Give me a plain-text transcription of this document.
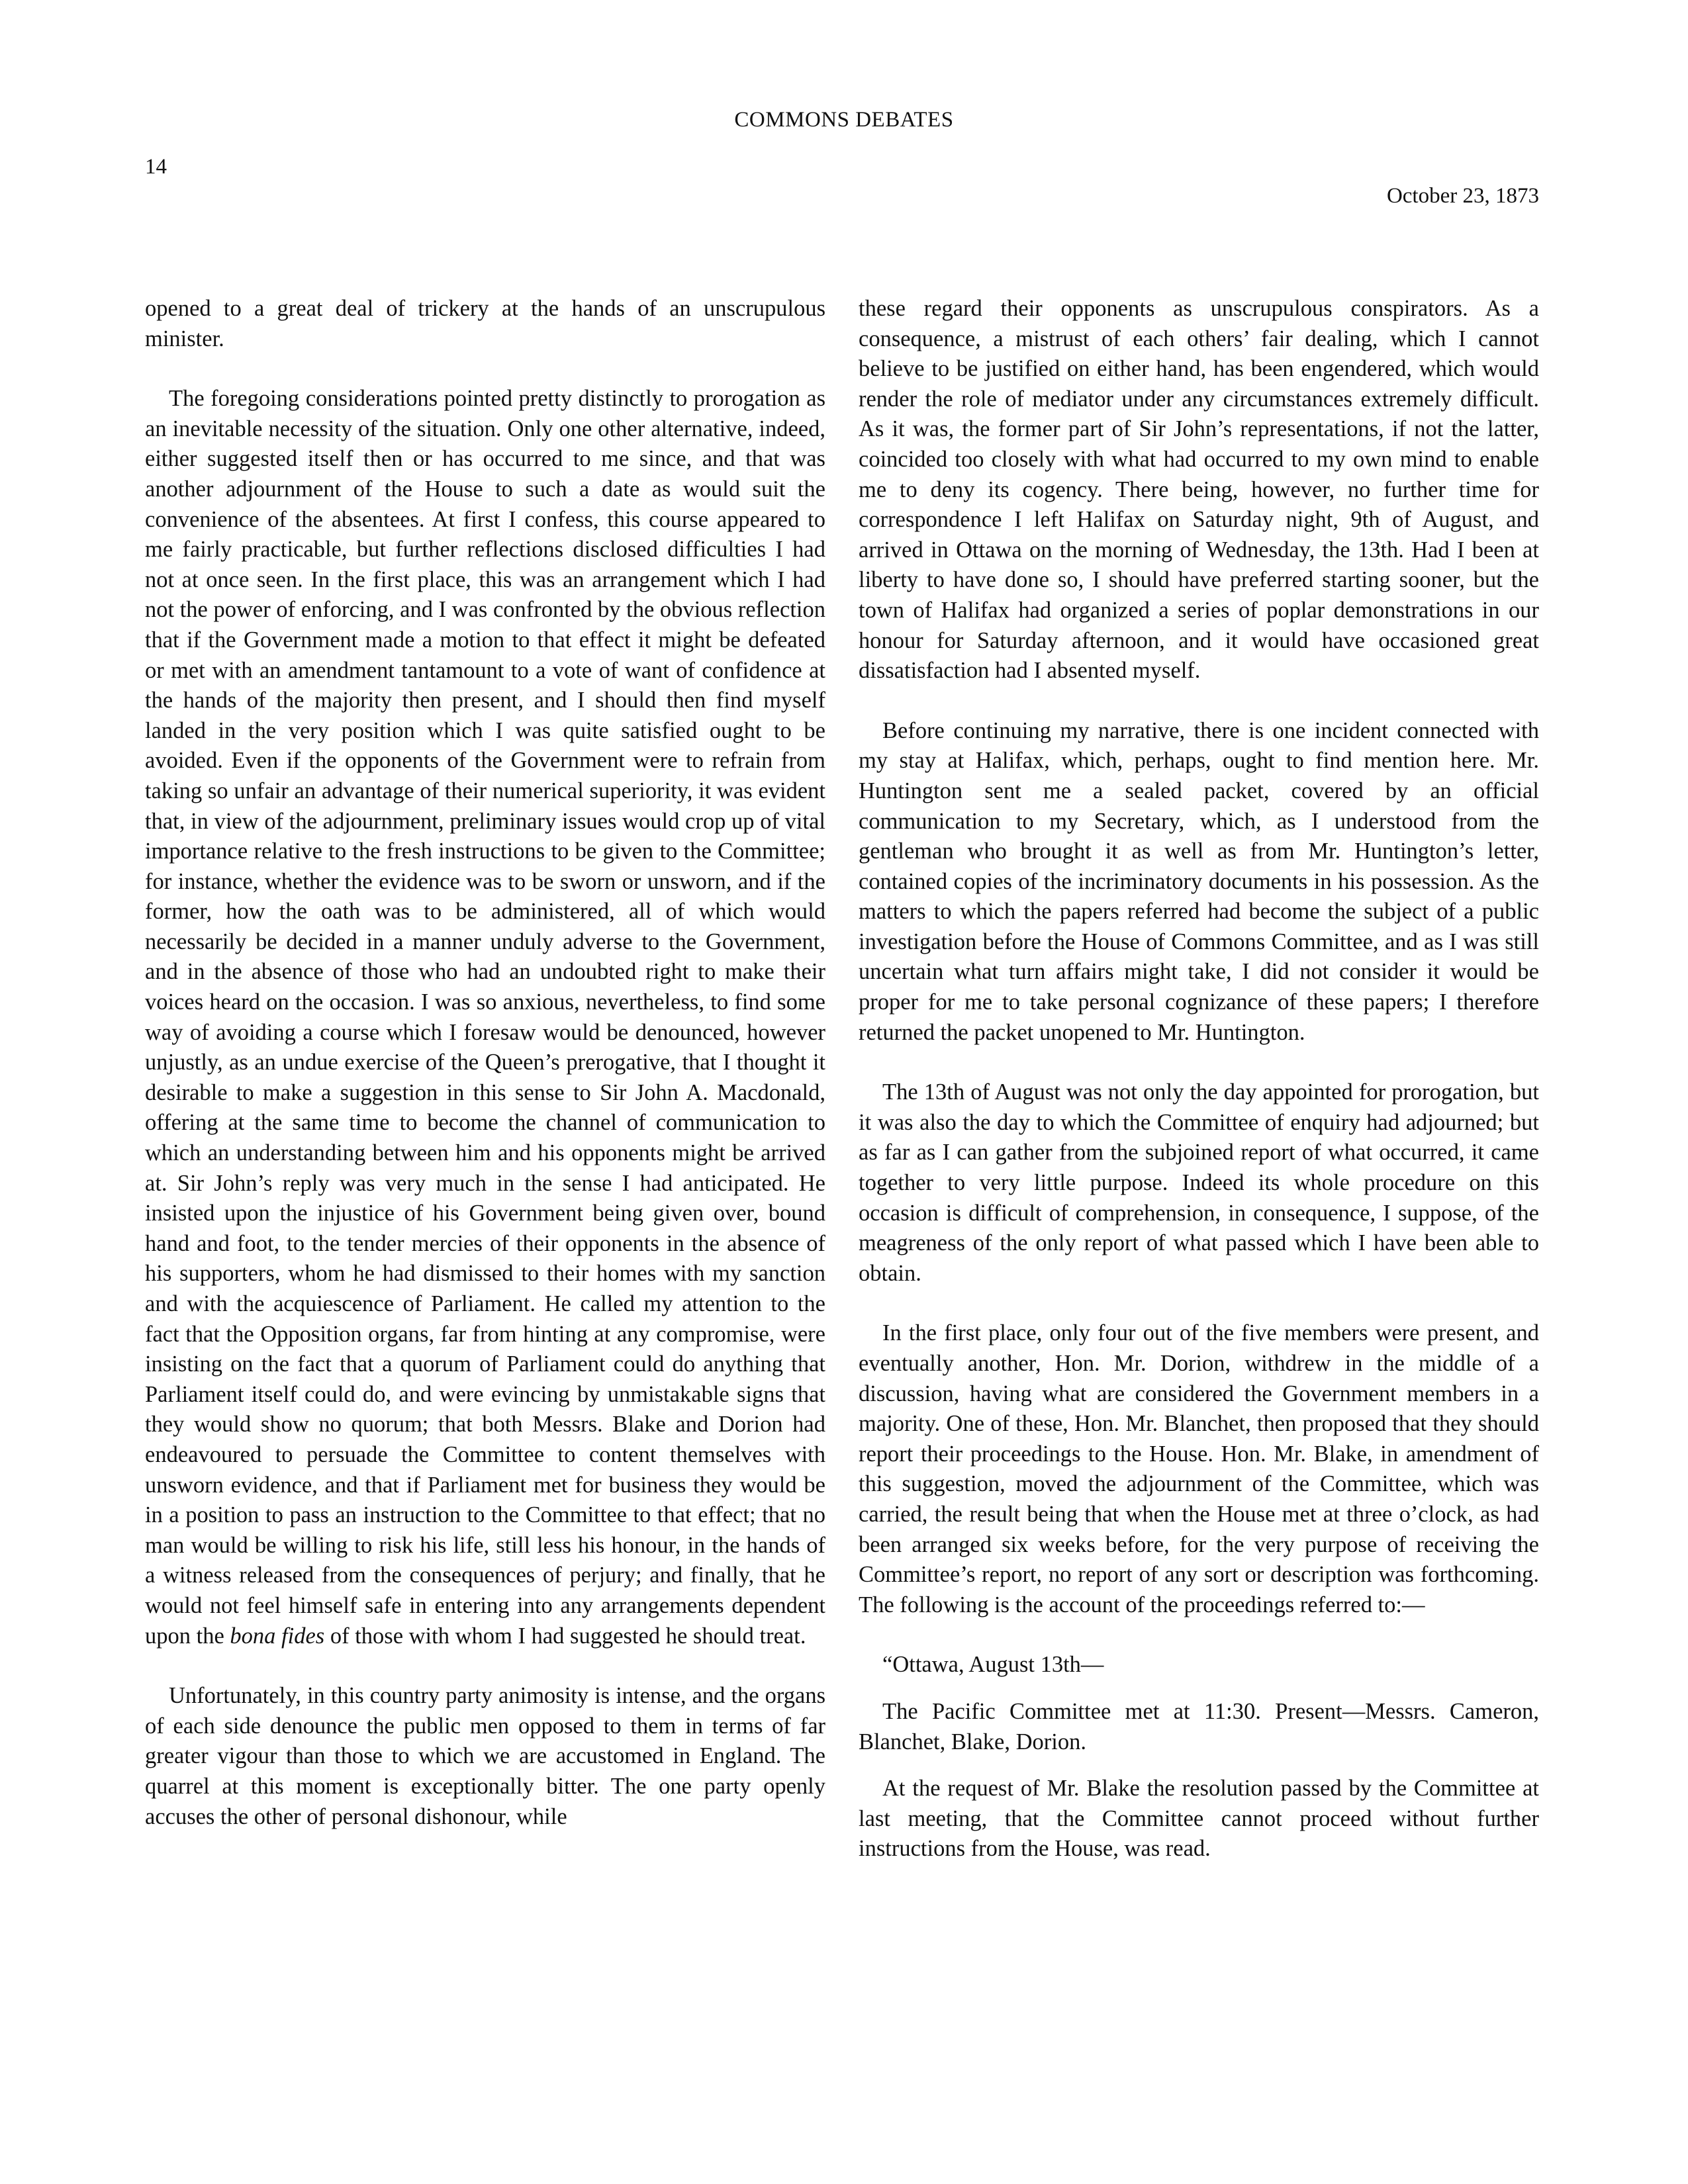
COMMONS DEBATES
14
October 23, 1873

opened to a great deal of trickery at the hands of an unscrupulous minister.

The foregoing considerations pointed pretty distinctly to prorogation as an inevitable necessity of the situation. Only one other alternative, indeed, either suggested itself then or has occurred to me since, and that was another adjournment of the House to such a date as would suit the convenience of the absentees. At first I confess, this course appeared to me fairly practicable, but further reflections disclosed difficulties I had not at once seen. In the first place, this was an arrangement which I had not the power of enforcing, and I was confronted by the obvious reflection that if the Government made a motion to that effect it might be defeated or met with an amendment tantamount to a vote of want of confidence at the hands of the majority then present, and I should then find myself landed in the very position which I was quite satisfied ought to be avoided. Even if the opponents of the Government were to refrain from taking so unfair an advantage of their numerical superiority, it was evident that, in view of the adjournment, preliminary issues would crop up of vital importance relative to the fresh instructions to be given to the Committee; for instance, whether the evidence was to be sworn or unsworn, and if the former, how the oath was to be administered, all of which would necessarily be decided in a manner unduly adverse to the Government, and in the absence of those who had an undoubted right to make their voices heard on the occasion. I was so anxious, nevertheless, to find some way of avoiding a course which I foresaw would be denounced, however unjustly, as an undue exercise of the Queen’s prerogative, that I thought it desirable to make a suggestion in this sense to Sir John A. Macdonald, offering at the same time to become the channel of communication to which an understanding between him and his opponents might be arrived at. Sir John’s reply was very much in the sense I had anticipated. He insisted upon the injustice of his Government being given over, bound hand and foot, to the tender mercies of their opponents in the absence of his supporters, whom he had dismissed to their homes with my sanction and with the acquiescence of Parliament. He called my attention to the fact that the Opposition organs, far from hinting at any compromise, were insisting on the fact that a quorum of Parliament could do anything that Parliament itself could do, and were evincing by unmistakable signs that they would show no quorum; that both Messrs. Blake and Dorion had endeavoured to persuade the Committee to content themselves with unsworn evidence, and that if Parliament met for business they would be in a position to pass an instruction to the Committee to that effect; that no man would be willing to risk his life, still less his honour, in the hands of a witness released from the consequences of perjury; and finally, that he would not feel himself safe in entering into any arrangements dependent upon the bona fides of those with whom I had suggested he should treat.

Unfortunately, in this country party animosity is intense, and the organs of each side denounce the public men opposed to them in terms of far greater vigour than those to which we are accustomed in England. The quarrel at this moment is exceptionally bitter. The one party openly accuses the other of personal dishonour, while

these regard their opponents as unscrupulous conspirators. As a consequence, a mistrust of each others’ fair dealing, which I cannot believe to be justified on either hand, has been engendered, which would render the role of mediator under any circumstances extremely difficult. As it was, the former part of Sir John’s representations, if not the latter, coincided too closely with what had occurred to my own mind to enable me to deny its cogency. There being, however, no further time for correspondence I left Halifax on Saturday night, 9th of August, and arrived in Ottawa on the morning of Wednesday, the 13th. Had I been at liberty to have done so, I should have preferred starting sooner, but the town of Halifax had organized a series of poplar demonstrations in our honour for Saturday afternoon, and it would have occasioned great dissatisfaction had I absented myself.

Before continuing my narrative, there is one incident connected with my stay at Halifax, which, perhaps, ought to find mention here. Mr. Huntington sent me a sealed packet, covered by an official communication to my Secretary, which, as I understood from the gentleman who brought it as well as from Mr. Huntington’s letter, contained copies of the incriminatory documents in his possession. As the matters to which the papers referred had become the subject of a public investigation before the House of Commons Committee, and as I was still uncertain what turn affairs might take, I did not consider it would be proper for me to take personal cognizance of these papers; I therefore returned the packet unopened to Mr. Huntington.

The 13th of August was not only the day appointed for prorogation, but it was also the day to which the Committee of enquiry had adjourned; but as far as I can gather from the subjoined report of what occurred, it came together to very little purpose. Indeed its whole procedure on this occasion is difficult of comprehension, in consequence, I suppose, of the meagreness of the only report of what passed which I have been able to obtain.

In the first place, only four out of the five members were present, and eventually another, Hon. Mr. Dorion, withdrew in the middle of a discussion, having what are considered the Government members in a majority. One of these, Hon. Mr. Blanchet, then proposed that they should report their proceedings to the House. Hon. Mr. Blake, in amendment of this suggestion, moved the adjournment of the Committee, which was carried, the result being that when the House met at three o’clock, as had been arranged six weeks before, for the very purpose of receiving the Committee’s report, no report of any sort or description was forthcoming. The following is the account of the proceedings referred to:—

“Ottawa, August 13th—

The Pacific Committee met at 11:30. Present—Messrs. Cameron, Blanchet, Blake, Dorion.

At the request of Mr. Blake the resolution passed by the Committee at last meeting, that the Committee cannot proceed without further instructions from the House, was read.
